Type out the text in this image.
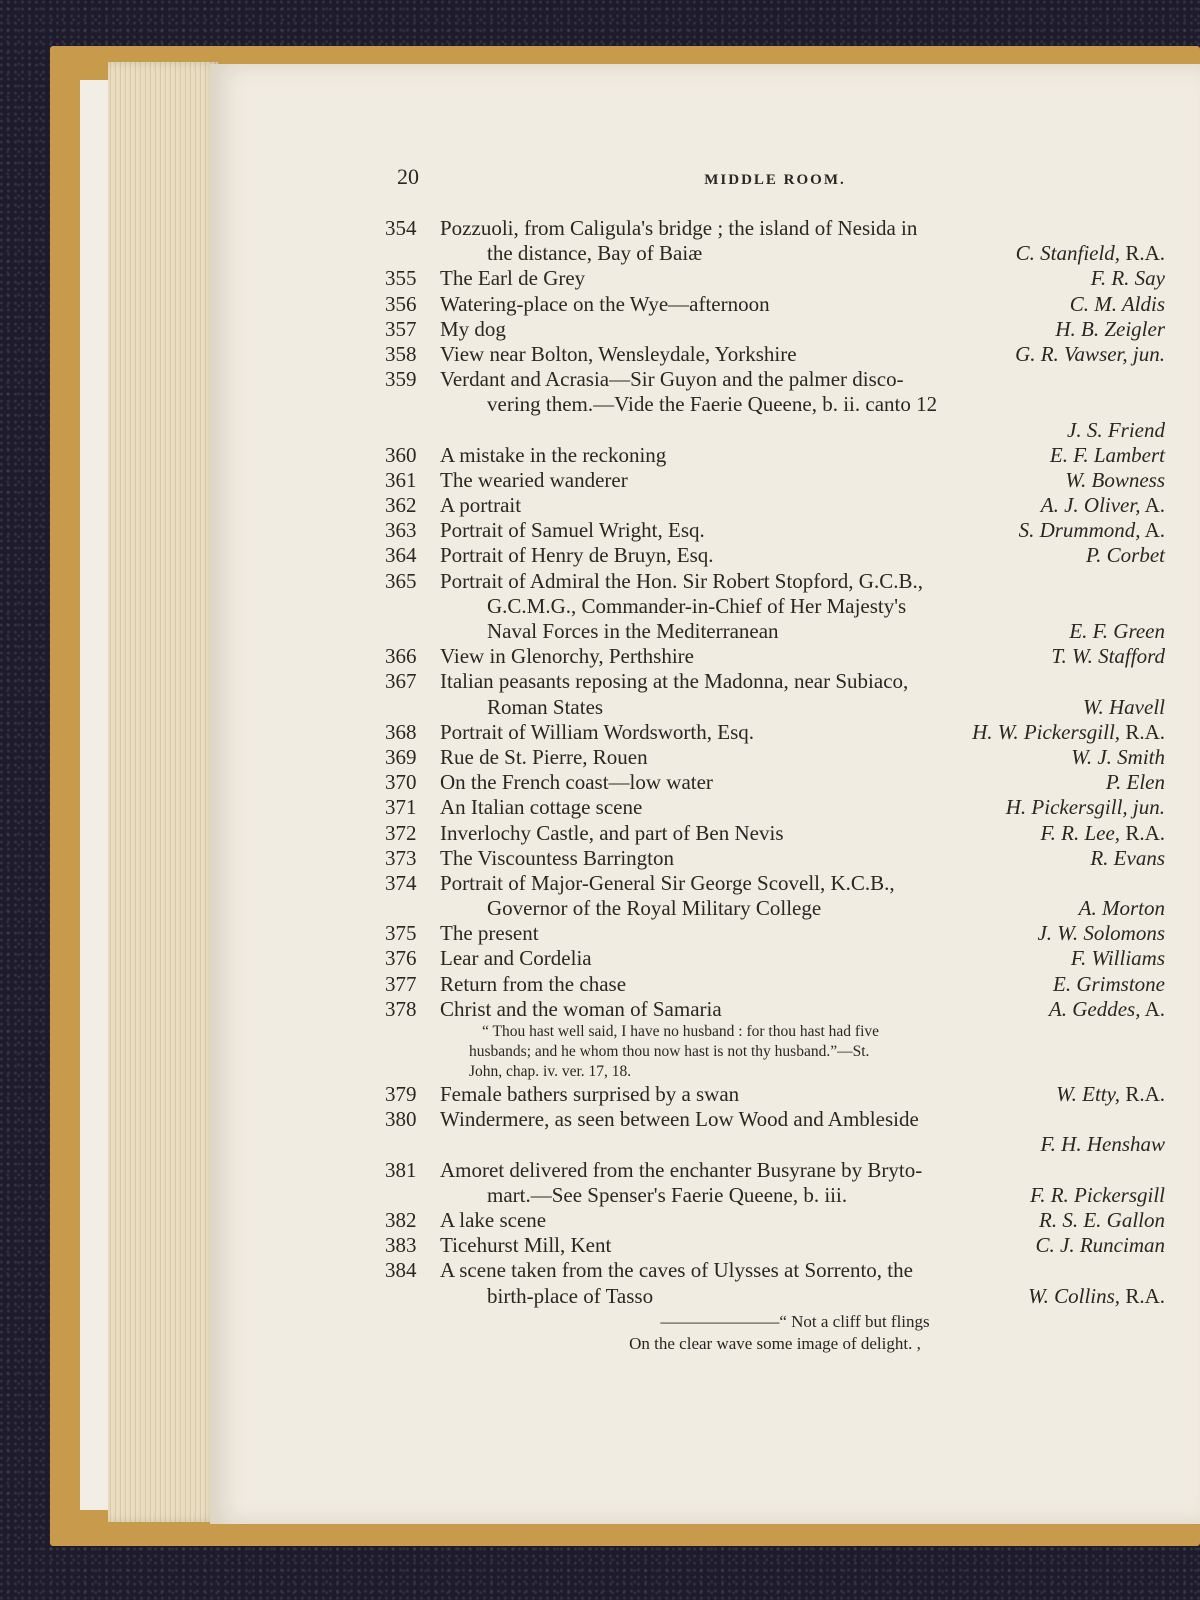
20	MIDDLE ROOM.
354	Pozzuoli, from Caligula's bridge ; the island of Nesida in
the distance, Bay of Baiæ	C. Stanfield, R.A.
355	The Earl de Grey	F. R. Say
356	Watering-place on the Wye—afternoon	C. M. Aldis
357	My dog	H. B. Zeigler
358	View near Bolton, Wensleydale, Yorkshire	G. R. Vawser, jun.
359	Verdant and Acrasia—Sir Guyon and the palmer disco-
vering them.—Vide the Faerie Queene, b. ii. canto 12
J. S. Friend
360	A mistake in the reckoning	E. F. Lambert
361	The wearied wanderer	W. Bowness
362	A portrait	A. J. Oliver, A.
363	Portrait of Samuel Wright, Esq.	S. Drummond, A.
364	Portrait of Henry de Bruyn, Esq.	P. Corbet
365	Portrait of Admiral the Hon. Sir Robert Stopford, G.C.B.,
G.C.M.G., Commander-in-Chief of Her Majesty's
Naval Forces in the Mediterranean	E. F. Green
366	View in Glenorchy, Perthshire	T. W. Stafford
367	Italian peasants reposing at the Madonna, near Subiaco,
Roman States	W. Havell
368	Portrait of William Wordsworth, Esq.	H. W. Pickersgill, R.A.
369	Rue de St. Pierre, Rouen	W. J. Smith
370	On the French coast—low water	P. Elen
371	An Italian cottage scene	H. Pickersgill, jun.
372	Inverlochy Castle, and part of Ben Nevis	F. R. Lee, R.A.
373	The Viscountess Barrington	R. Evans
374	Portrait of Major-General Sir George Scovell, K.C.B.,
Governor of the Royal Military College	A. Morton
375	The present	J. W. Solomons
376	Lear and Cordelia	F. Williams
377	Return from the chase	E. Grimstone
378	Christ and the woman of Samaria	A. Geddes, A.
“ Thou hast well said, I have no husband : for thou hast had five
husbands; and he whom thou now hast is not thy husband.”—St.
John, chap. iv. ver. 17, 18.
379	Female bathers surprised by a swan	W. Etty, R.A.
380	Windermere, as seen between Low Wood and Ambleside
F. H. Henshaw
381	Amoret delivered from the enchanter Busyrane by Bryto-
mart.—See Spenser's Faerie Queene, b. iii.	F. R. Pickersgill
382	A lake scene	R. S. E. Gallon
383	Ticehurst Mill, Kent	C. J. Runciman
384	A scene taken from the caves of Ulysses at Sorrento, the
birth-place of Tasso	W. Collins, R.A.
———————“ Not a cliff but flings
On the clear wave some image of delight. ,
